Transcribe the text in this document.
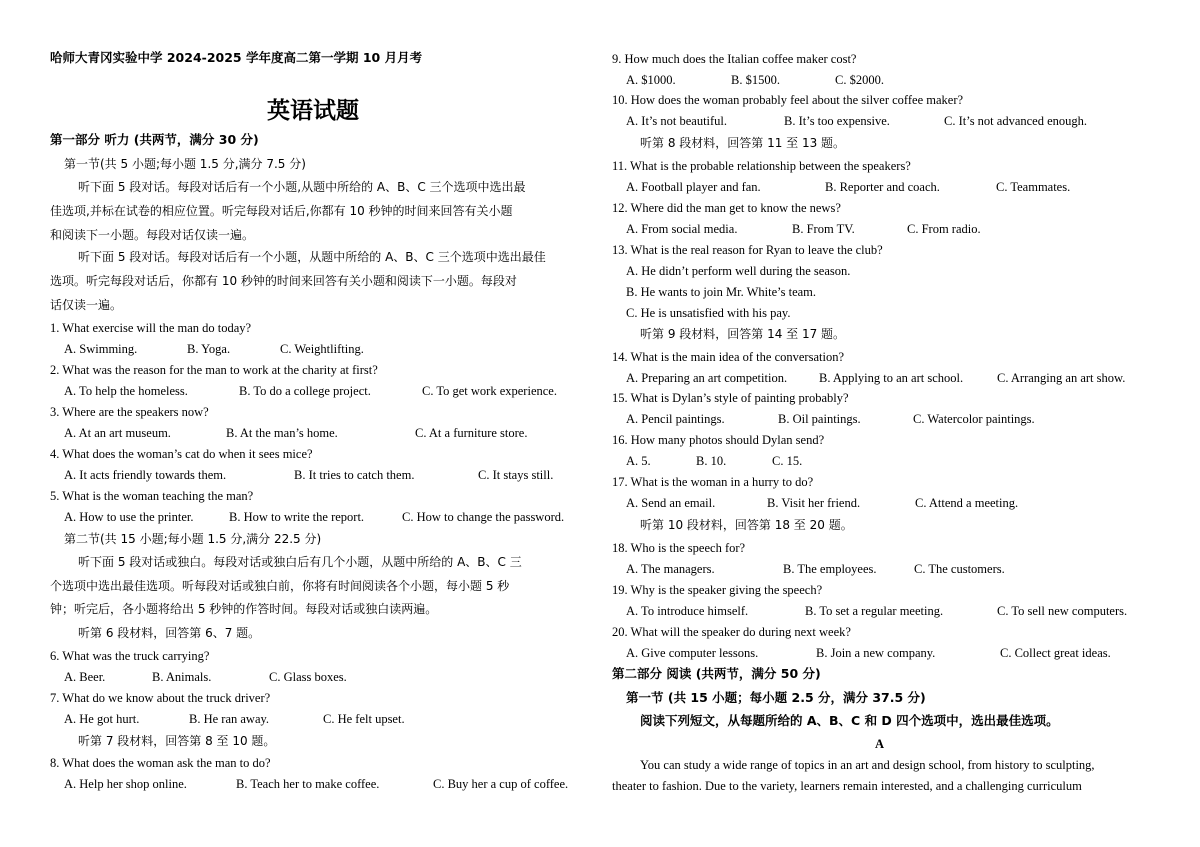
哈师大青冈实验中学 2024-2025 学年度高二第一学期 10 月月考
英语试题
第一部分 听力 (共两节，满分 30 分)
第一节(共 5 小题;每小题 1.5 分,满分 7.5 分)
听下面 5 段对话。每段对话后有一个小题,从题中所给的 A、B、C 三个选项中选出最
佳选项,并标在试卷的相应位置。听完每段对话后,你都有 10 秒钟的时间来回答有关小题
和阅读下一小题。每段对话仅读一遍。
听下面 5 段对话。每段对话后有一个小题，从题中所给的 A、B、C 三个选项中选出最佳
选项。听完每段对话后，你都有 10 秒钟的时间来回答有关小题和阅读下一小题。每段对
话仅读一遍。
1. What exercise will the man do today?
A. Swimming.	B. Yoga.	C. Weightlifting.
2. What was the reason for the man to work at the charity at first?
A. To help the homeless.	B. To do a college project.	C. To get work experience.
3. Where are the speakers now?
A. At an art museum.	B. At the man’s home.	C. At a furniture store.
4. What does the woman’s cat do when it sees mice?
A. It acts friendly towards them.	B. It tries to catch them.	C. It stays still.
5. What is the woman teaching the man?
A. How to use the printer.	B. How to write the report.	C. How to change the password.
第二节(共 15 小题;每小题 1.5 分,满分 22.5 分)
听下面 5 段对话或独白。每段对话或独白后有几个小题，从题中所给的 A、B、C 三
个选项中选出最佳选项。听每段对话或独白前，你将有时间阅读各个小题，每小题 5 秒
钟；听完后，各小题将给出 5 秒钟的作答时间。每段对话或独白读两遍。
听第 6 段材料，回答第 6、7 题。
6. What was the truck carrying?
A. Beer.	B. Animals.	C. Glass boxes.
7. What do we know about the truck driver?
A. He got hurt.	B. He ran away.	C. He felt upset.
听第 7 段材料，回答第 8 至 10 题。
8. What does the woman ask the man to do?
A. Help her shop online.	B. Teach her to make coffee.	C. Buy her a cup of coffee.
9. How much does the Italian coffee maker cost?
A. $1000.	B. $1500.	C. $2000.
10. How does the woman probably feel about the silver coffee maker?
A. It’s not beautiful.	B. It’s too expensive.	C. It’s not advanced enough.
听第 8 段材料，回答第 11 至 13 题。
11. What is the probable relationship between the speakers?
A. Football player and fan.	B. Reporter and coach.	C. Teammates.
12. Where did the man get to know the news?
A. From social media.	B. From TV.	C. From radio.
13. What is the real reason for Ryan to leave the club?
A. He didn’t perform well during the season.
B. He wants to join Mr. White’s team.
C. He is unsatisfied with his pay.
听第 9 段材料，回答第 14 至 17 题。
14. What is the main idea of the conversation?
A. Preparing an art competition.	B. Applying to an art school.	C. Arranging an art show.
15. What is Dylan’s style of painting probably?
A. Pencil paintings.	B. Oil paintings.	C. Watercolor paintings.
16. How many photos should Dylan send?
A. 5.	B. 10.	C. 15.
17. What is the woman in a hurry to do?
A. Send an email.	B. Visit her friend.	C. Attend a meeting.
听第 10 段材料，回答第 18 至 20 题。
18. Who is the speech for?
A. The managers.	B. The employees.	C. The customers.
19. Why is the speaker giving the speech?
A. To introduce himself.	B. To set a regular meeting.	C. To sell new computers.
20. What will the speaker do during next week?
A. Give computer lessons.	B. Join a new company.	C. Collect great ideas.
第二部分 阅读 (共两节，满分 50 分)
第一节 (共 15 小题；每小题 2.5 分，满分 37.5 分)
阅读下列短文，从每题所给的 A、B、C 和 D 四个选项中，选出最佳选项。
A
You can study a wide range of topics in an art and design school, from history to sculpting,
theater to fashion. Due to the variety, learners remain interested, and a challenging curriculum
